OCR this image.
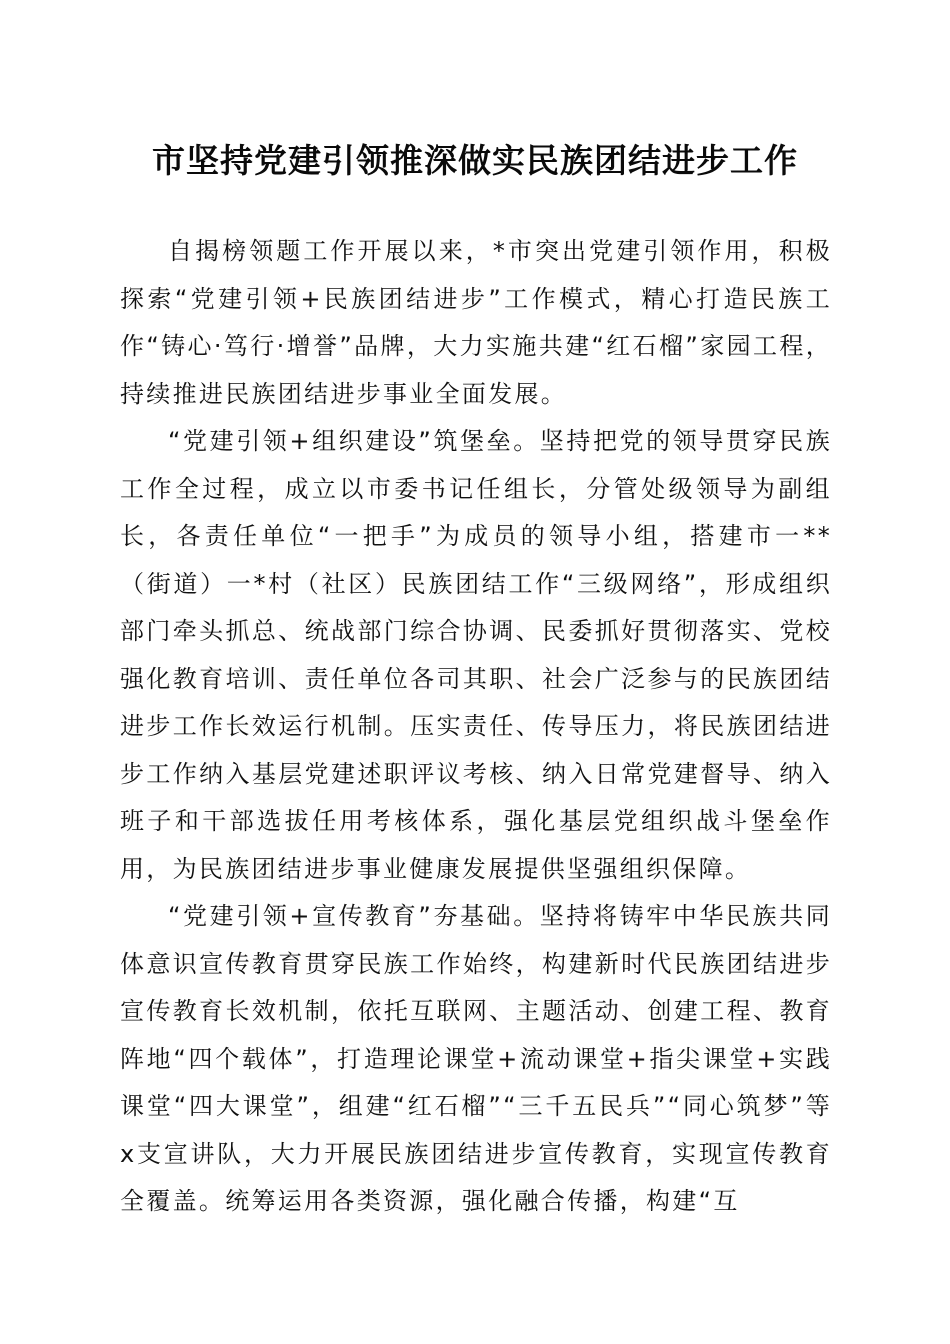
市坚持党建引领推深做实民族团结进步工作

自揭榜领题工作开展以来，*市突出党建引领作用，积极探索“党建引领+民族团结进步”工作模式，精心打造民族工作“铸心·笃行·增誉”品牌，大力实施共建“红石榴”家园工程，持续推进民族团结进步事业全面发展。

“党建引领+组织建设”筑堡垒。坚持把党的领导贯穿民族工作全过程，成立以市委书记任组长，分管处级领导为副组长，各责任单位“一把手”为成员的领导小组，搭建市一**（街道）一*村（社区）民族团结工作“三级网络”，形成组织部门牵头抓总、统战部门综合协调、民委抓好贯彻落实、党校强化教育培训、责任单位各司其职、社会广泛参与的民族团结进步工作长效运行机制。压实责任、传导压力，将民族团结进步工作纳入基层党建述职评议考核、纳入日常党建督导、纳入班子和干部选拔任用考核体系，强化基层党组织战斗堡垒作用，为民族团结进步事业健康发展提供坚强组织保障。

“党建引领+宣传教育”夯基础。坚持将铸牢中华民族共同体意识宣传教育贯穿民族工作始终，构建新时代民族团结进步宣传教育长效机制，依托互联网、主题活动、创建工程、教育阵地“四个载体”，打造理论课堂+流动课堂+指尖课堂+实践课堂“四大课堂”，组建“红石榴”“三千五民兵”“同心筑梦”等x支宣讲队，大力开展民族团结进步宣传教育，实现宣传教育全覆盖。统筹运用各类资源，强化融合传播，构建“互
